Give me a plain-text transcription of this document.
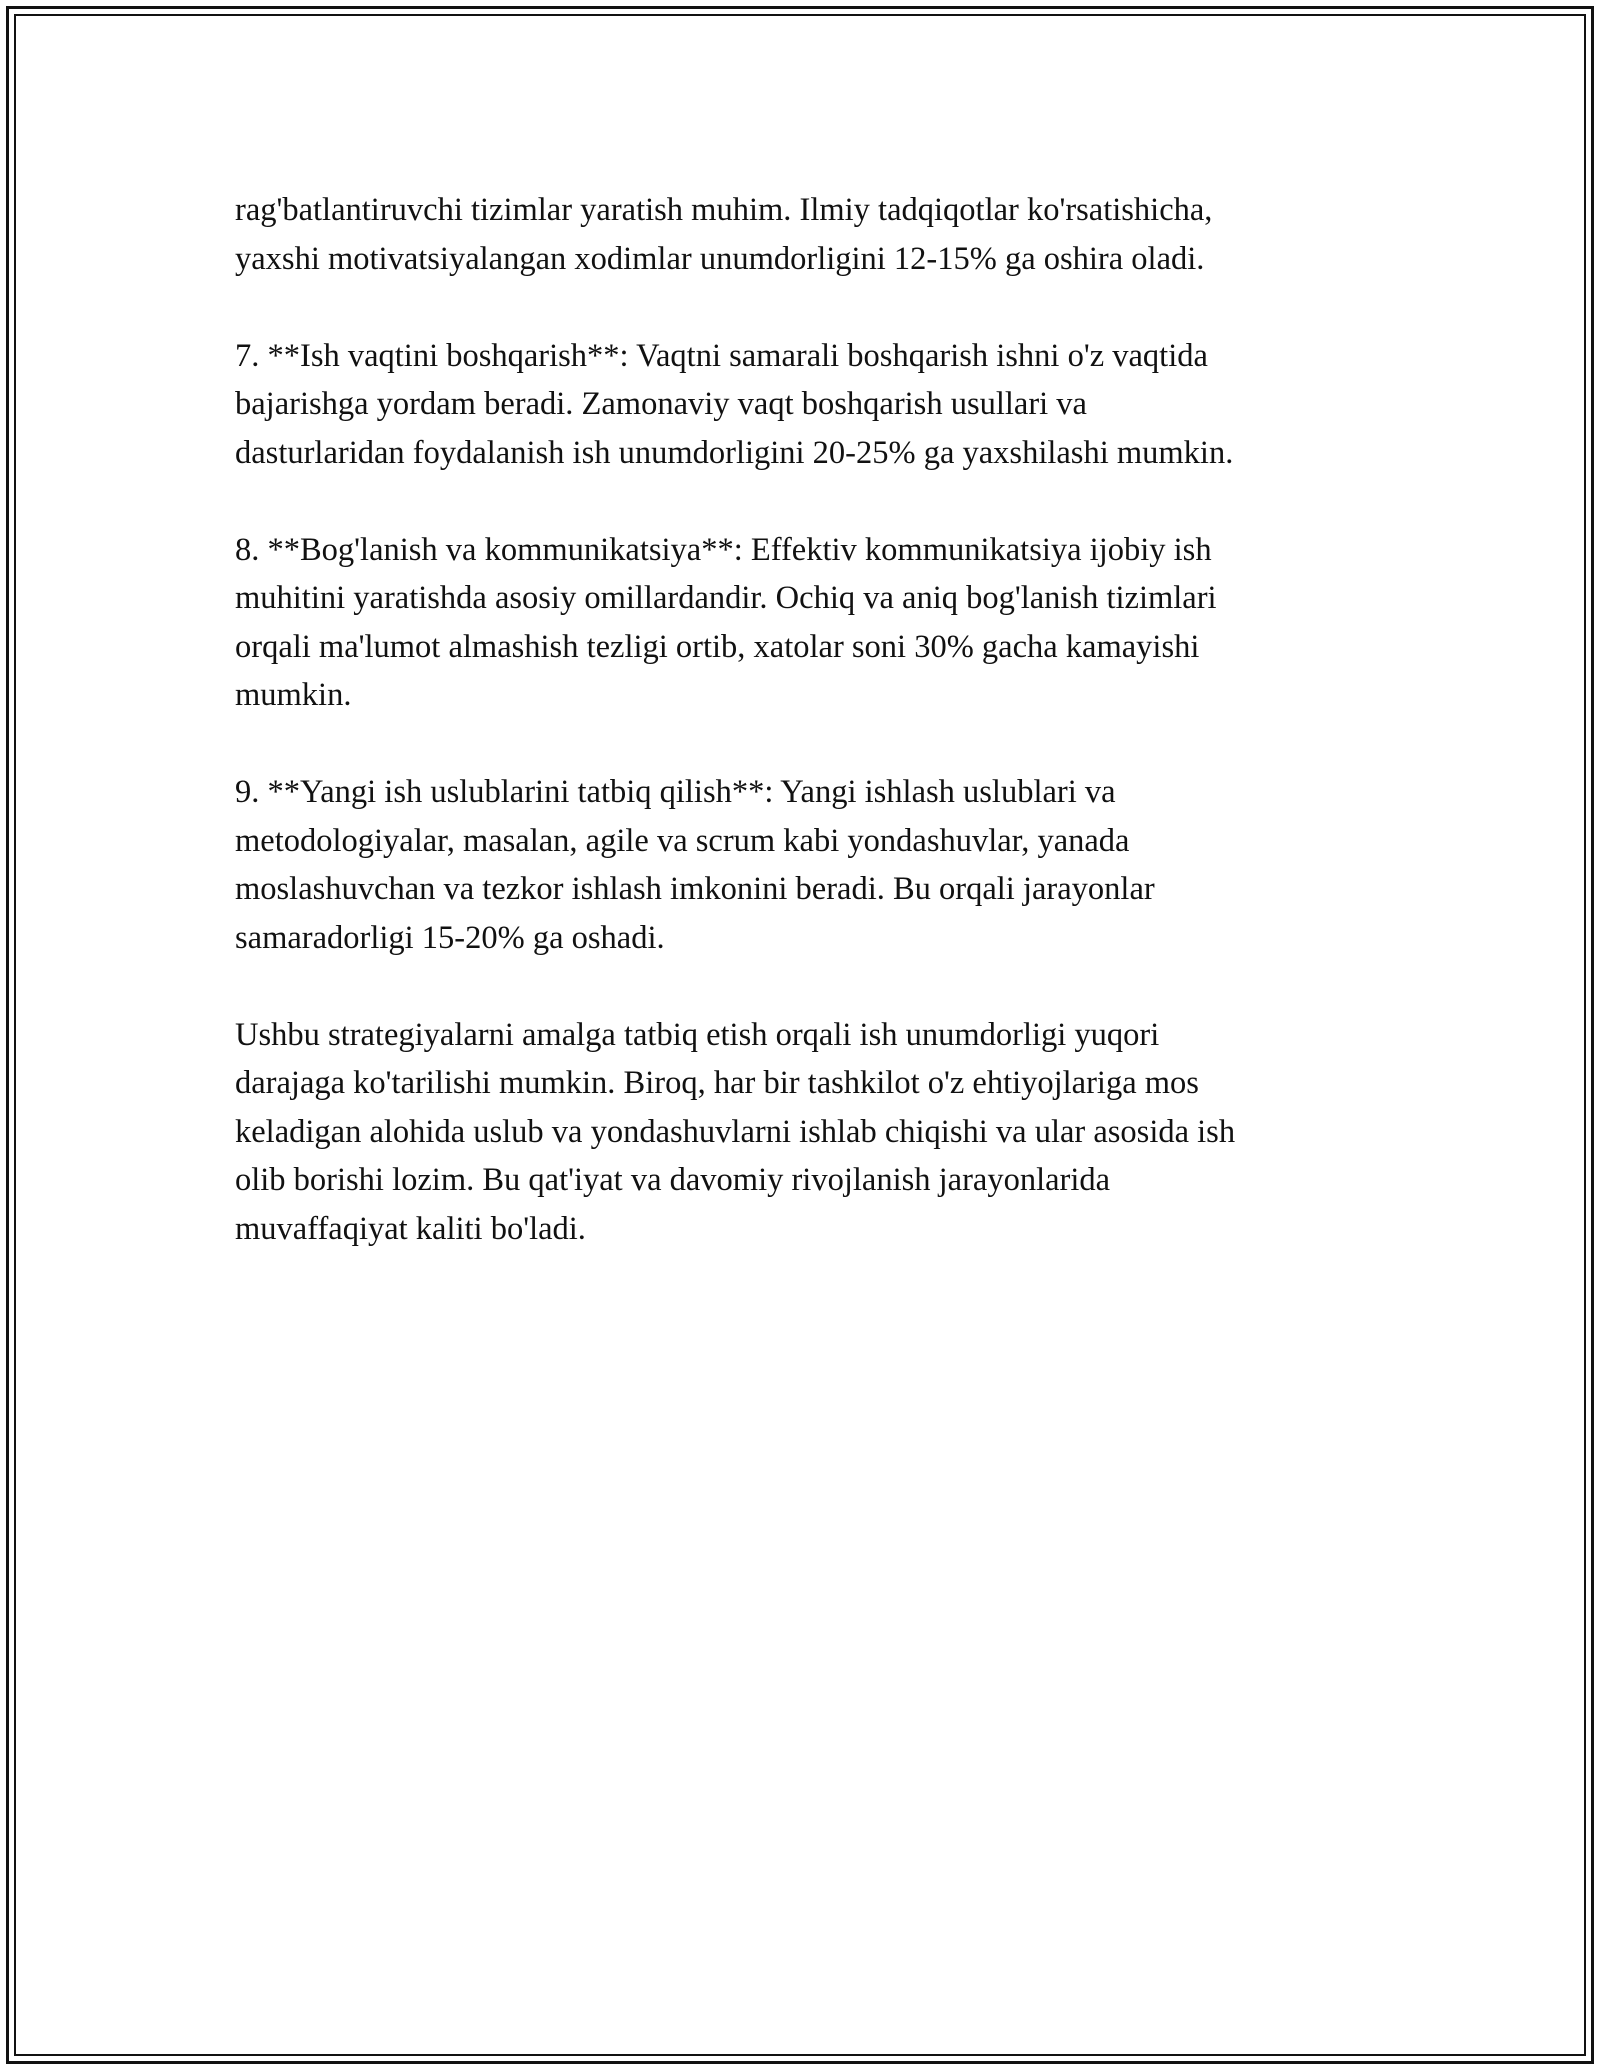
rag'batlantiruvchi tizimlar yaratish muhim. Ilmiy tadqiqotlar ko'rsatishicha,
yaxshi motivatsiyalangan xodimlar unumdorligini 12-15% ga oshira oladi.

7. **Ish vaqtini boshqarish**: Vaqtni samarali boshqarish ishni o'z vaqtida
bajarishga yordam beradi. Zamonaviy vaqt boshqarish usullari va
dasturlaridan foydalanish ish unumdorligini 20-25% ga yaxshilashi mumkin.

8. **Bog'lanish va kommunikatsiya**: Effektiv kommunikatsiya ijobiy ish
muhitini yaratishda asosiy omillardandir. Ochiq va aniq bog'lanish tizimlari
orqali ma'lumot almashish tezligi ortib, xatolar soni 30% gacha kamayishi
mumkin.

9. **Yangi ish uslublarini tatbiq qilish**: Yangi ishlash uslublari va
metodologiyalar, masalan, agile va scrum kabi yondashuvlar, yanada
moslashuvchan va tezkor ishlash imkonini beradi. Bu orqali jarayonlar
samaradorligi 15-20% ga oshadi.

Ushbu strategiyalarni amalga tatbiq etish orqali ish unumdorligi yuqori
darajaga ko'tarilishi mumkin. Biroq, har bir tashkilot o'z ehtiyojlariga mos
keladigan alohida uslub va yondashuvlarni ishlab chiqishi va ular asosida ish
olib borishi lozim. Bu qat'iyat va davomiy rivojlanish jarayonlarida
muvaffaqiyat kaliti bo'ladi.
